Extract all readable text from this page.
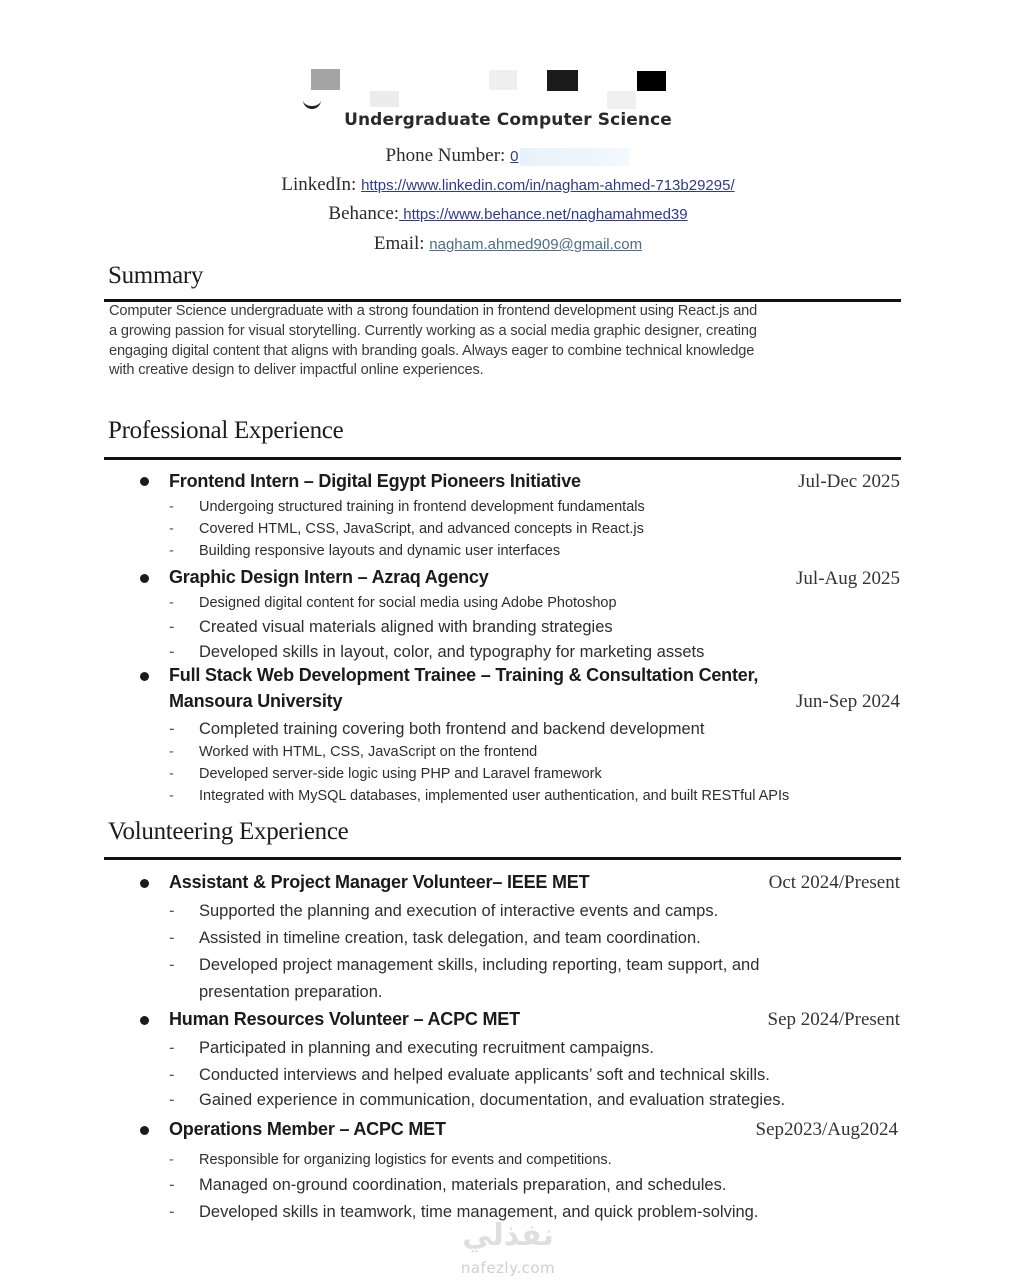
Undergraduate Computer Science
Phone Number: 0
LinkedIn: https://www.linkedin.com/in/nagham-ahmed-713b29295/
Behance: https://www.behance.net/naghamahmed39
Email: nagham.ahmed909@gmail.com
Summary
Computer Science undergraduate with a strong foundation in frontend development using React.js and
a growing passion for visual storytelling. Currently working as a social media graphic designer, creating
engaging digital content that aligns with branding goals. Always eager to combine technical knowledge
with creative design to deliver impactful online experiences.
Professional Experience
Frontend Intern – Digital Egypt Pioneers Initiative	Jul-Dec 2025
- Undergoing structured training in frontend development fundamentals
- Covered HTML, CSS, JavaScript, and advanced concepts in React.js
- Building responsive layouts and dynamic user interfaces
Graphic Design Intern – Azraq Agency	Jul-Aug 2025
- Designed digital content for social media using Adobe Photoshop
- Created visual materials aligned with branding strategies
- Developed skills in layout, color, and typography for marketing assets
Full Stack Web Development Trainee – Training & Consultation Center,
Mansoura University	Jun-Sep 2024
- Completed training covering both frontend and backend development
- Worked with HTML, CSS, JavaScript on the frontend
- Developed server-side logic using PHP and Laravel framework
- Integrated with MySQL databases, implemented user authentication, and built RESTful APIs
Volunteering Experience
Assistant & Project Manager Volunteer– IEEE MET	Oct 2024/Present
- Supported the planning and execution of interactive events and camps.
- Assisted in timeline creation, task delegation, and team coordination.
- Developed project management skills, including reporting, team support, and
presentation preparation.
Human Resources Volunteer – ACPC MET	Sep 2024/Present
- Participated in planning and executing recruitment campaigns.
- Conducted interviews and helped evaluate applicants’ soft and technical skills.
- Gained experience in communication, documentation, and evaluation strategies.
Operations Member – ACPC MET	Sep2023/Aug2024
- Responsible for organizing logistics for events and competitions.
- Managed on-ground coordination, materials preparation, and schedules.
- Developed skills in teamwork, time management, and quick problem-solving.
نفذلي
nafezly.com
